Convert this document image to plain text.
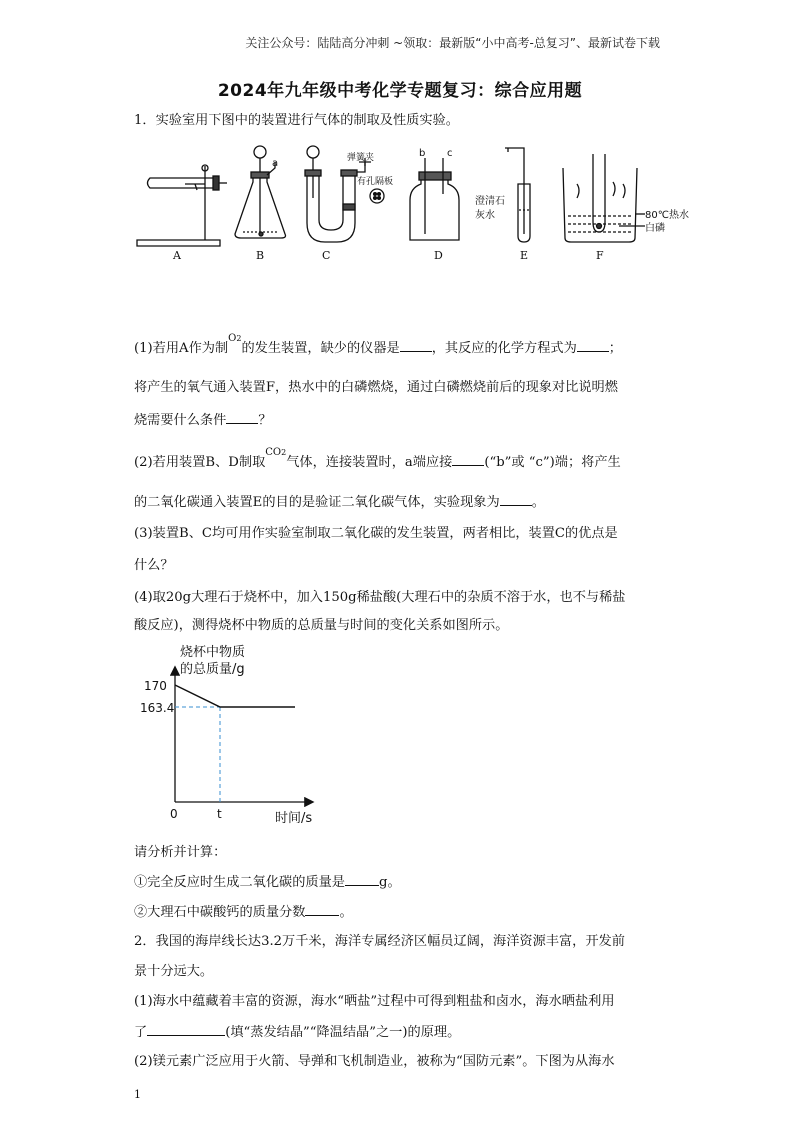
关注公众号：陆陆高分冲刺 ~领取：最新版“小中高考-总复习”、最新试卷下载
2024年九年级中考化学专题复习：综合应用题
1．实验室用下图中的装置进行气体的制取及性质实验。
a	弹簧夹
有孔隔板
b c
澄清石
灰水	80℃热水
白磷
A	B	C	D	E	F
(1)若用A作为制$^{O2}$的发生装置，缺少的仪器是 ，其反应的化学方程式为 ；
将产生的氧气通入装置F，热水中的白磷燃烧，通过白磷燃烧前后的现象对比说明燃
烧需要什么条件 ？
(2)若用装置B、D制取$^{CO2}$气体，连接装置时，a端应接 (“b”或 “c”)端；将产生
的二氧化碳通入装置E的目的是验证二氧化碳气体，实验现象为 。
(3)装置B、C均可用作实验室制取二氧化碳的发生装置，两者相比，装置C的优点是
什么？
(4)取20g大理石于烧杯中，加入150g稀盐酸(大理石中的杂质不溶于水，也不与稀盐
酸反应)，测得烧杯中物质的总质量与时间的变化关系如图所示。
烧杯中物质
的总质量/g
170
163.4
0	t	时间/s
请分析并计算：
①完全反应时生成二氧化碳的质量是	g。
②大理石中碳酸钙的质量分数	。
2．我国的海岸线长达3.2万千米，海洋专属经济区幅员辽阔，海洋资源丰富，开发前
景十分远大。
(1)海水中蕴藏着丰富的资源，海水“晒盐”过程中可得到粗盐和卤水，海水晒盐利用
了	(填“蒸发结晶”“降温结晶”之一)的原理。
(2)镁元素广泛应用于火箭、导弹和飞机制造业，被称为“国防元素”。下图为从海水
1
